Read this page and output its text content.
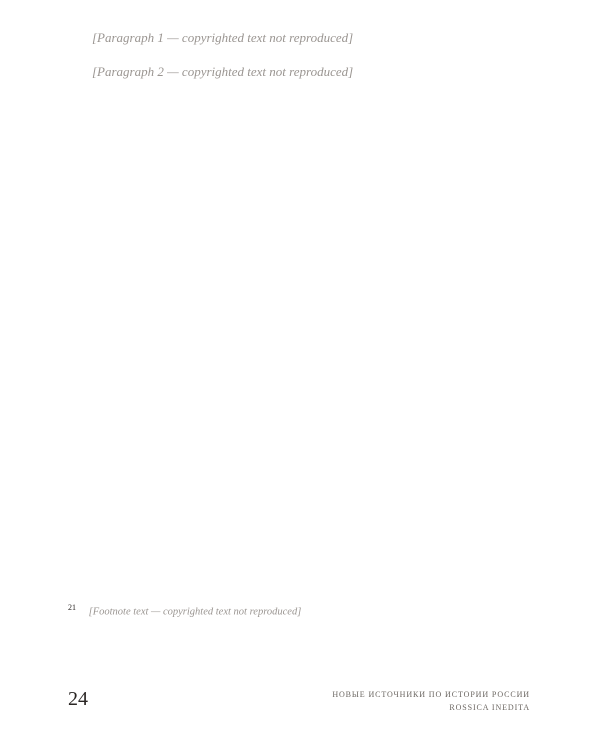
[Paragraph 1 — copyrighted text not reproduced]

[Paragraph 2 — copyrighted text not reproduced]

$^{21}$ [Footnote text — copyrighted text not reproduced]
24	НОВЫЕ ИСТОЧНИКИ ПО ИСТОРИИ РОССИИ
ROSSICA INEDITA
